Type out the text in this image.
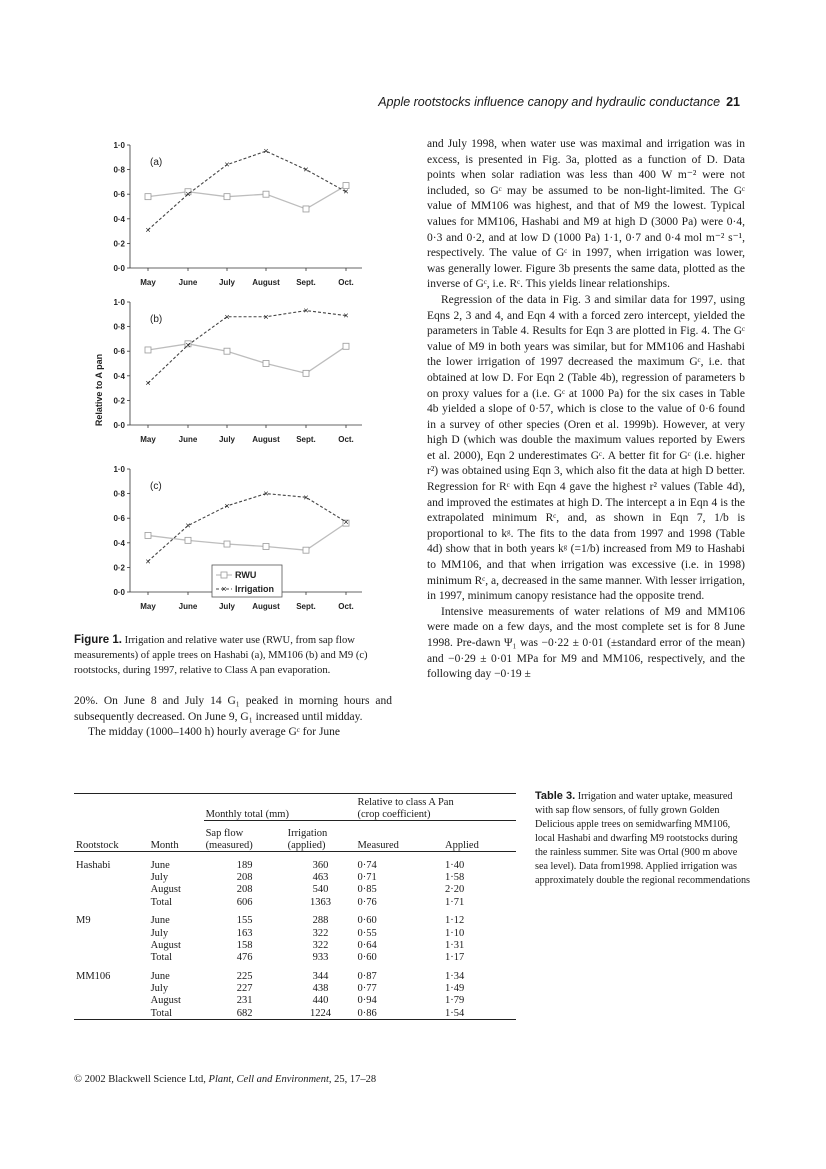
Apple rootstocks influence canopy and hydraulic conductance 21
Relative to A pan
0·0
0·2
0·4
0·6
0·8
1·0
May	June	July August Sept.	Oct.
(a)
×
×
×
×
×
×
0·0
0·2
0·4
0·6
0·8
1·0
May	June	July August Sept.	Oct.
(b)
×
×
×	×
×	×
0·0
0·2
0·4
0·6
0·8
1·0
May	June	July August Sept.	Oct.
(c)
×
×
×
×	×
×
RWU
× Irrigation
Figure 1. Irrigation and relative water use (RWU, from sap flow measurements) of apple trees on Hashabi (a), MM106 (b) and M9 (c) rootstocks, during 1997, relative to Class A pan evaporation.

20%. On June 8 and July 14 G₁ peaked in morning hours and subsequently decreased. On June 9, G₁ increased until midday.

The midday (1000–1400 h) hourly average Gᶜ for June

and July 1998, when water use was maximal and irrigation was in excess, is presented in Fig. 3a, plotted as a function of D. Data points when solar radiation was less than 400 W m⁻² were not included, so Gᶜ may be assumed to be non-light-limited. The Gᶜ value of MM106 was highest, and that of M9 the lowest. Typical values for MM106, Hashabi and M9 at high D (3000 Pa) were 0·4, 0·3 and 0·2, and at low D (1000 Pa) 1·1, 0·7 and 0·4 mol m⁻² s⁻¹, respectively. The value of Gᶜ in 1997, when irrigation was lower, was generally lower. Figure 3b presents the same data, plotted as the inverse of Gᶜ, i.e. Rᶜ. This yields linear relationships.

Regression of the data in Fig. 3 and similar data for 1997, using Eqns 2, 3 and 4, and Eqn 4 with a forced zero intercept, yielded the parameters in Table 4. Results for Eqn 3 are plotted in Fig. 4. The Gᶜ value of M9 in both years was similar, but for MM106 and Hashabi the lower irrigation of 1997 decreased the maximum Gᶜ, i.e. that obtained at low D. For Eqn 2 (Table 4b), regression of parameters b on proxy values for a (i.e. Gᶜ at 1000 Pa) for the six cases in Table 4b yielded a slope of 0·57, which is close to the value of 0·6 found in a survey of other species (Oren et al. 1999b). However, at very high D (which was double the maximum values reported by Ewers et al. 2000), Eqn 2 underestimates Gᶜ. A better fit for Gᶜ (i.e. higher r²) was obtained using Eqn 3, which also fit the data at high D better. Regression for Rᶜ with Eqn 4 gave the highest r² values (Table 4d), and improved the estimates at high D. The intercept a in Eqn 4 is the extrapolated minimum Rᶜ, and, as shown in Eqn 7, 1/b is proportional to kᵍ. The fits to the data from 1997 and 1998 (Table 4d) show that in both years kᵍ (=1/b) increased from M9 to Hashabi to MM106, and that when irrigation was excessive (i.e. in 1998) minimum Rᶜ, a, decreased in the same manner. With lesser irrigation, in 1997, minimum canopy resistance had the opposite trend.

Intensive measurements of water relations of M9 and MM106 were made on a few days, and the most complete set is for 8 June 1998. Pre-dawn Ψ₁ was −0·22 ± 0·01 (±standard error of the mean) and −0·29 ± 0·01 MPa for M9 and MM106, respectively, and the following day −0·19 ±

				Relative to class A Pan	
		Monthly total (mm)		(crop coefficient)	
		Sap flow	Irrigation		
Rootstock	Month	(measured)	(applied)	Measured	Applied
Hashabi	June	189	360	0·74	1·40
	July	208	463	0·71	1·58
	August	208	540	0·85	2·20
	Total	606	1363	0·76	1·71
M9	June	155	288	0·60	1·12
	July	163	322	0·55	1·10
	August	158	322	0·64	1·31
	Total	476	933	0·60	1·17
MM106	June	225	344	0·87	1·34
	July	227	438	0·77	1·49
	August	231	440	0·94	1·79
	Total	682	1224	0·86	1·54

Table 3. Irrigation and water uptake, measured with sap flow sensors, of fully grown Golden Delicious apple trees on semidwarfing MM106, local Hashabi and dwarfing M9 rootstocks during the rainless summer. Site was Ortal (900 m above sea level). Data from1998. Applied irrigation was approximately double the regional recommendations
© 2002 Blackwell Science Ltd, Plant, Cell and Environment, 25, 17–28
